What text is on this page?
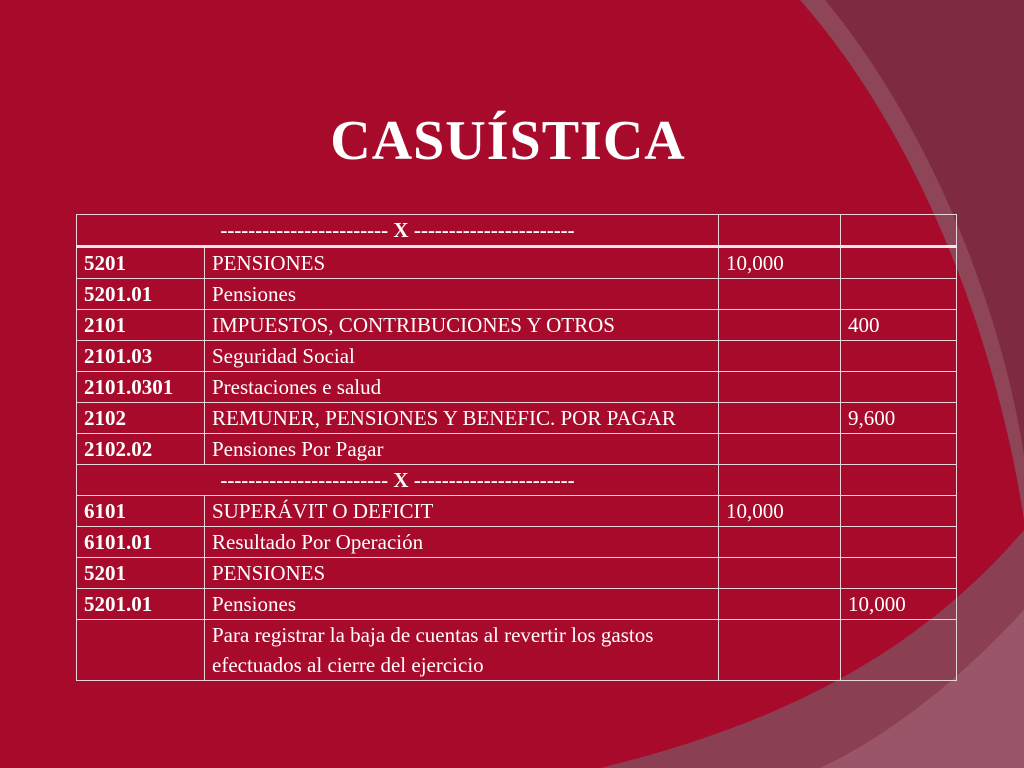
CASUÍSTICA
------------------------ X -----------------------			
5201	PENSIONES	10,000	
5201.01	Pensiones		
2101	IMPUESTOS, CONTRIBUCIONES Y OTROS		400
2101.03	Seguridad Social		
2101.0301	Prestaciones e salud		
2102	REMUNER, PENSIONES Y BENEFIC. POR PAGAR		9,600
2102.02	Pensiones Por Pagar		
------------------------ X -----------------------			
6101	SUPERÁVIT O DEFICIT	10,000	
6101.01	Resultado Por Operación		
5201	PENSIONES		
5201.01	Pensiones		10,000
	Para registrar la baja de cuentas al revertir los gastos efectuados al cierre del ejercicio		
